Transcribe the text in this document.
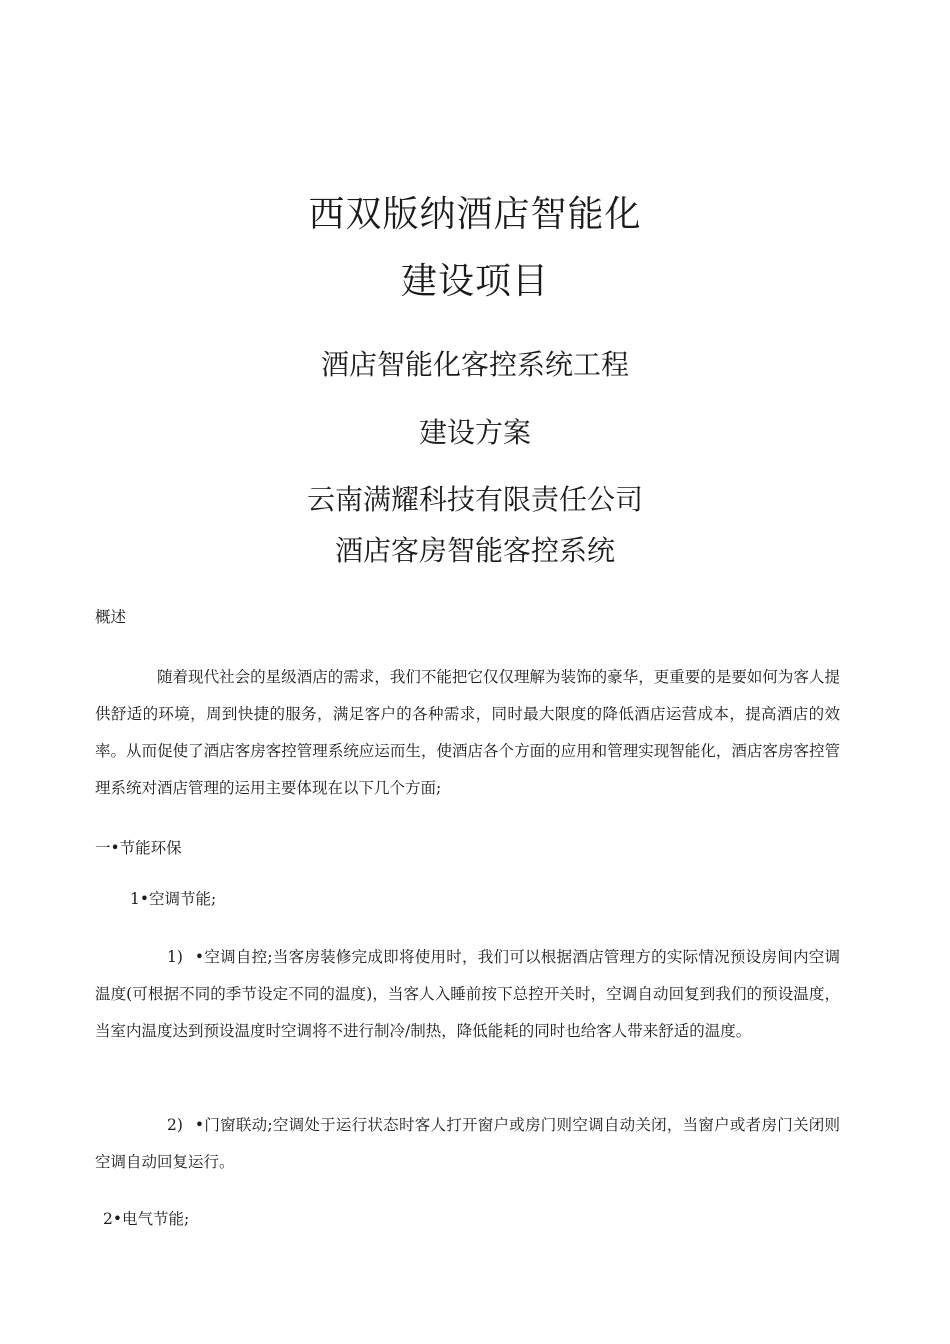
西双版纳酒店智能化
建设项目
酒店智能化客控系统工程
建设方案
云南满耀科技有限责任公司
酒店客房智能客控系统

概述

随着现代社会的星级酒店的需求，我们不能把它仅仅理解为装饰的豪华，更重要的是要如何为客人提供舒适的环境，周到快捷的服务，满足客户的各种需求，同时最大限度的降低酒店运营成本，提高酒店的效率。从而促使了酒店客房客控管理系统应运而生，使酒店各个方面的应用和管理实现智能化，酒店客房客控管理系统对酒店管理的运用主要体现在以下几个方面;

一•节能环保

1•空调节能;

1) •空调自控;当客房装修完成即将使用时，我们可以根据酒店管理方的实际情况预设房间内空调温度(可根据不同的季节设定不同的温度)，当客人入睡前按下总控开关时，空调自动回复到我们的预设温度，当室内温度达到预设温度时空调将不进行制冷/制热，降低能耗的同时也给客人带来舒适的温度。

2) •门窗联动;空调处于运行状态时客人打开窗户或房门则空调自动关闭，当窗户或者房门关闭则空调自动回复运行。

2•电气节能;
